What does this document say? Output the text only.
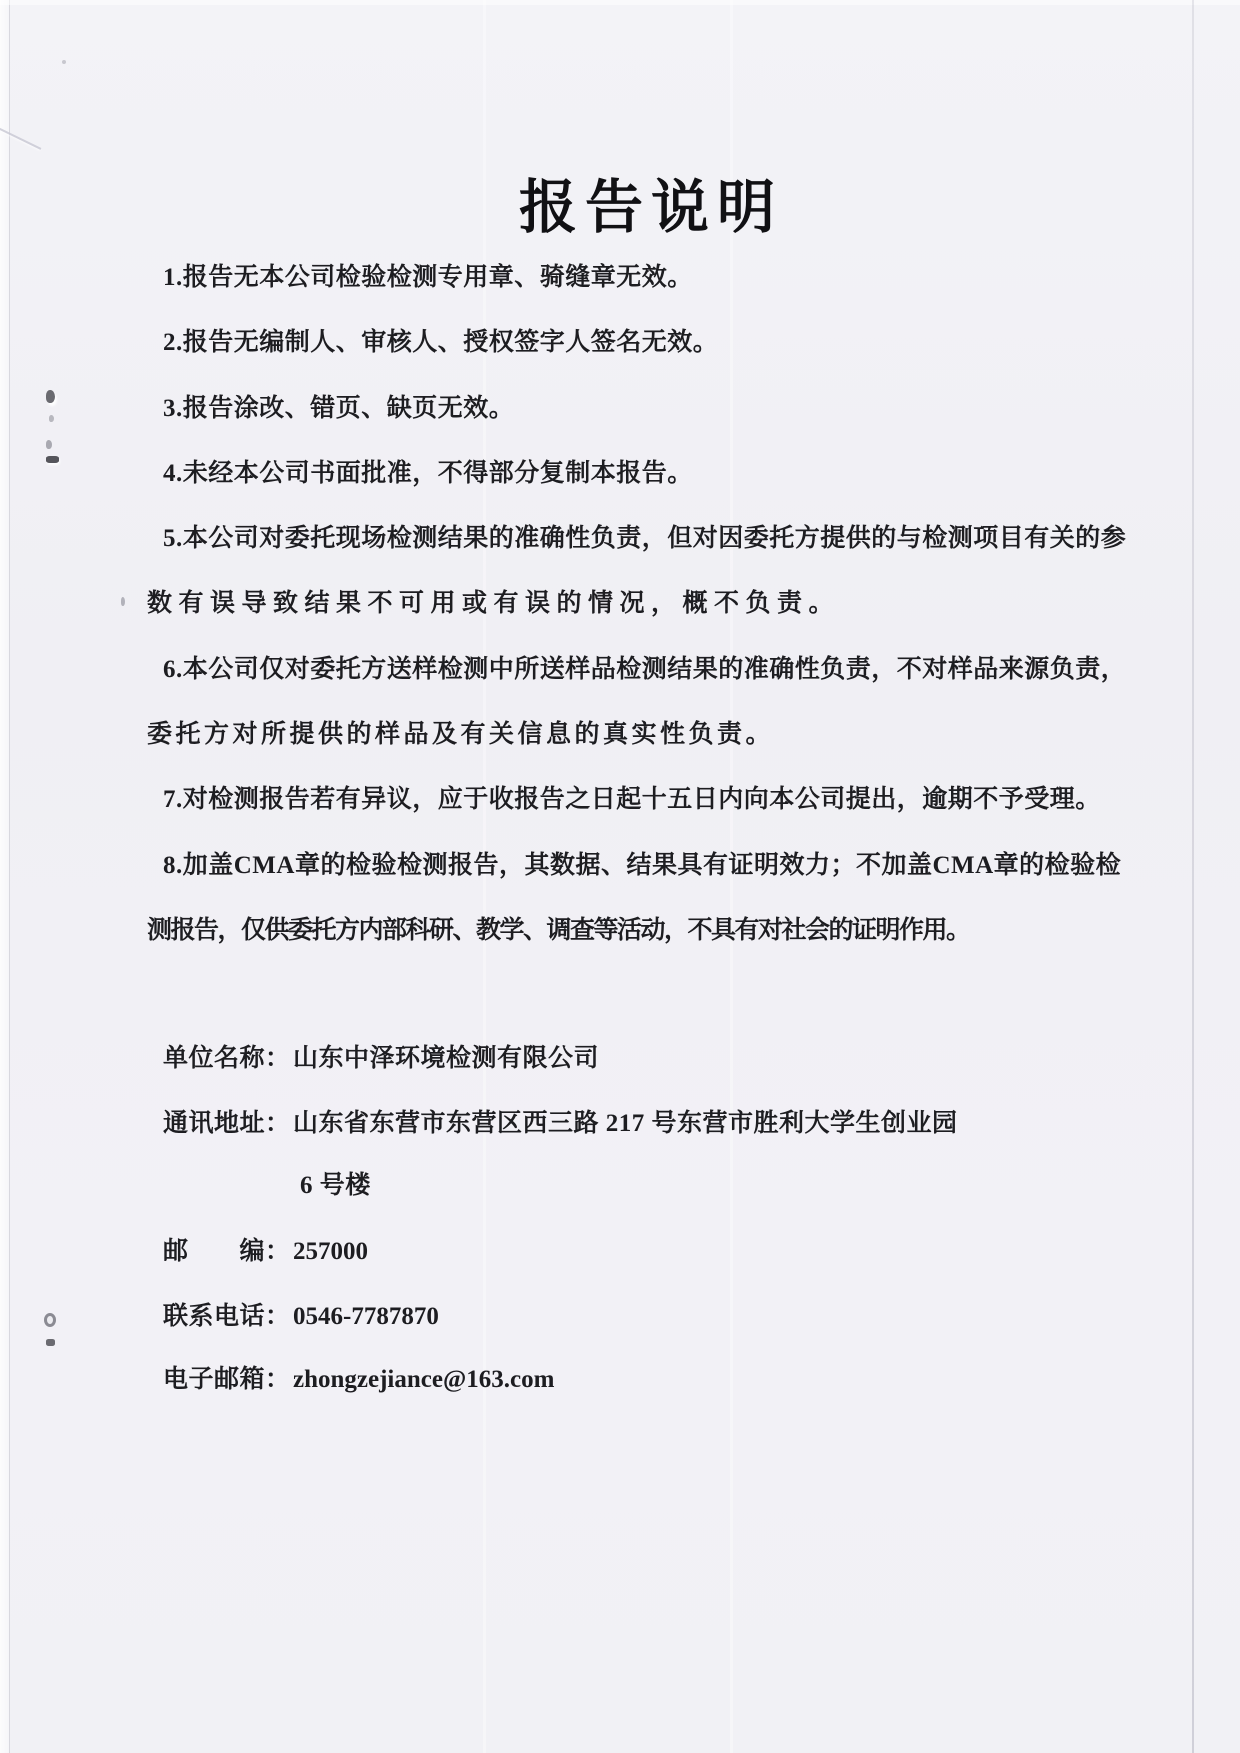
报告说明
1.报告无本公司检验检测专用章、骑缝章无效。
2.报告无编制人、审核人、授权签字人签名无效。
3.报告涂改、错页、缺页无效。
4.未经本公司书面批准，不得部分复制本报告。
5.本公司对委托现场检测结果的准确性负责，但对因委托方提供的与检测项目有关的参
数有误导致结果不可用或有误的情况，概不负责。
6.本公司仅对委托方送样检测中所送样品检测结果的准确性负责，不对样品来源负责，
委托方对所提供的样品及有关信息的真实性负责。
7.对检测报告若有异议，应于收报告之日起十五日内向本公司提出，逾期不予受理。
8.加盖CMA章的检验检测报告，其数据、结果具有证明效力；不加盖CMA章的检验检
测报告，仅供委托方内部科研、教学、调查等活动，不具有对社会的证明作用。
单位名称：山东中泽环境检测有限公司
通讯地址：山东省东营市东营区西三路 217 号东营市胜利大学生创业园
6 号楼
邮　　编：257000
联系电话：0546-7787870
电子邮箱：zhongzejiance@163.com
